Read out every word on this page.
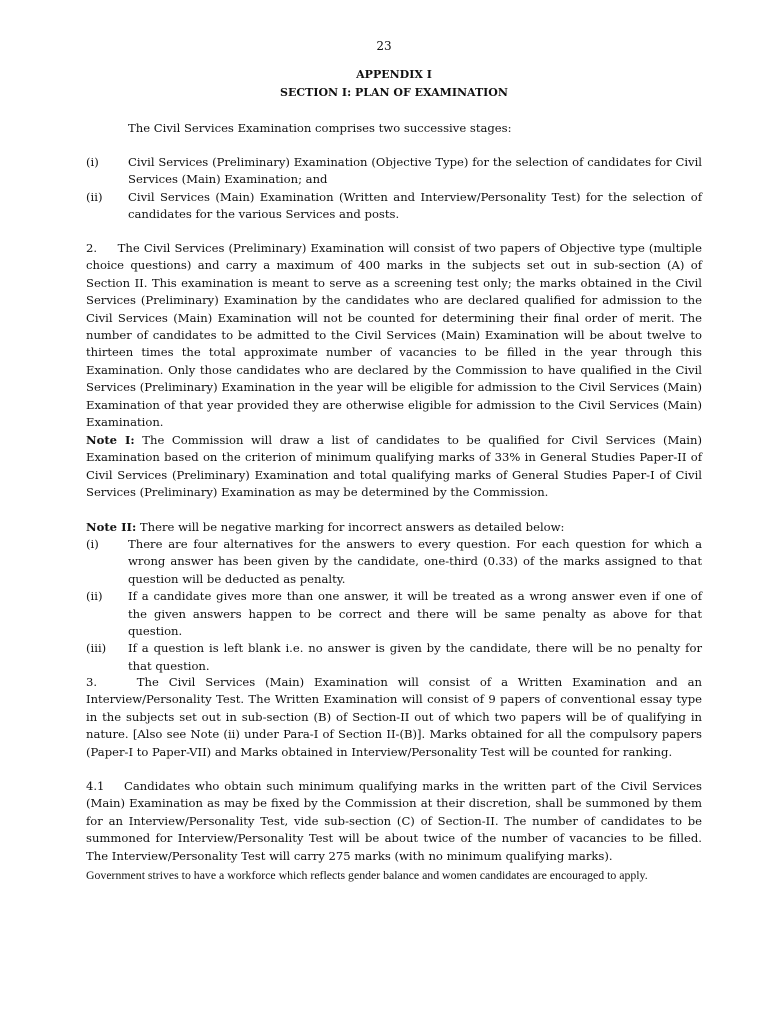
23
APPENDIX I
SECTION I: PLAN OF EXAMINATION
The Civil Services Examination comprises two successive stages:
(i)	Civil Services (Preliminary) Examination (Objective Type) for the selection of candidates for Civil Services (Main) Examination; and
(ii)	Civil Services (Main) Examination (Written and Interview/Personality Test) for the selection of candidates for the various Services and posts.
2.     The Civil Services (Preliminary) Examination will consist of two papers of Objective type (multiple choice questions) and carry a maximum of 400 marks in the subjects set out in sub-section (A) of Section II. This examination is meant to serve as a screening test only; the marks obtained in the Civil Services (Preliminary) Examination by the candidates who are declared qualified for admission to the Civil Services (Main) Examination will not be counted for determining their final order of merit. The number of candidates to be admitted to the Civil Services (Main) Examination will be about twelve to thirteen times the total approximate number of vacancies to be filled in the year through this Examination. Only those candidates who are declared by the Commission to have qualified in the Civil Services (Preliminary) Examination in the year will be eligible for admission to the Civil Services (Main) Examination of that year provided they are otherwise eligible for admission to the Civil Services (Main) Examination.
Note I: The Commission will draw a list of candidates to be qualified for Civil Services (Main) Examination based on the criterion of minimum qualifying marks of 33% in General Studies Paper-II of Civil Services (Preliminary) Examination and total qualifying marks of General Studies Paper-I of Civil Services (Preliminary) Examination as may be determined by the Commission.
Note II: There will be negative marking for incorrect answers as detailed below:
(i)	There are four alternatives for the answers to every question. For each question for which a wrong answer has been given by the candidate, one-third (0.33) of the marks assigned to that question will be deducted as penalty.
(ii)	If a candidate gives more than one answer, it will be treated as a wrong answer even if one of the given answers happen to be correct and there will be same penalty as above for that question.
(iii)	If a question is left blank i.e. no answer is given by the candidate, there will be no penalty for that question.
3.    The Civil Services (Main) Examination will consist of a Written Examination and an Interview/Personality Test. The Written Examination will consist of 9 papers of conventional essay type in the subjects set out in sub-section (B) of Section-II out of which two papers will be of qualifying in nature. [Also see Note (ii) under Para-I of Section II-(B)]. Marks obtained for all the compulsory papers (Paper-I to Paper-VII) and Marks obtained in Interview/Personality Test will be counted for ranking.
4.1    Candidates who obtain such minimum qualifying marks in the written part of the Civil Services (Main) Examination as may be fixed by the Commission at their discretion, shall be summoned by them for an Interview/Personality Test, vide sub-section (C) of Section-II. The number of candidates to be summoned for Interview/Personality Test will be about twice of the number of vacancies to be filled. The Interview/Personality Test will carry 275 marks (with no minimum qualifying marks).
Government strives to have a workforce which reflects gender balance and women candidates are encouraged to apply.
